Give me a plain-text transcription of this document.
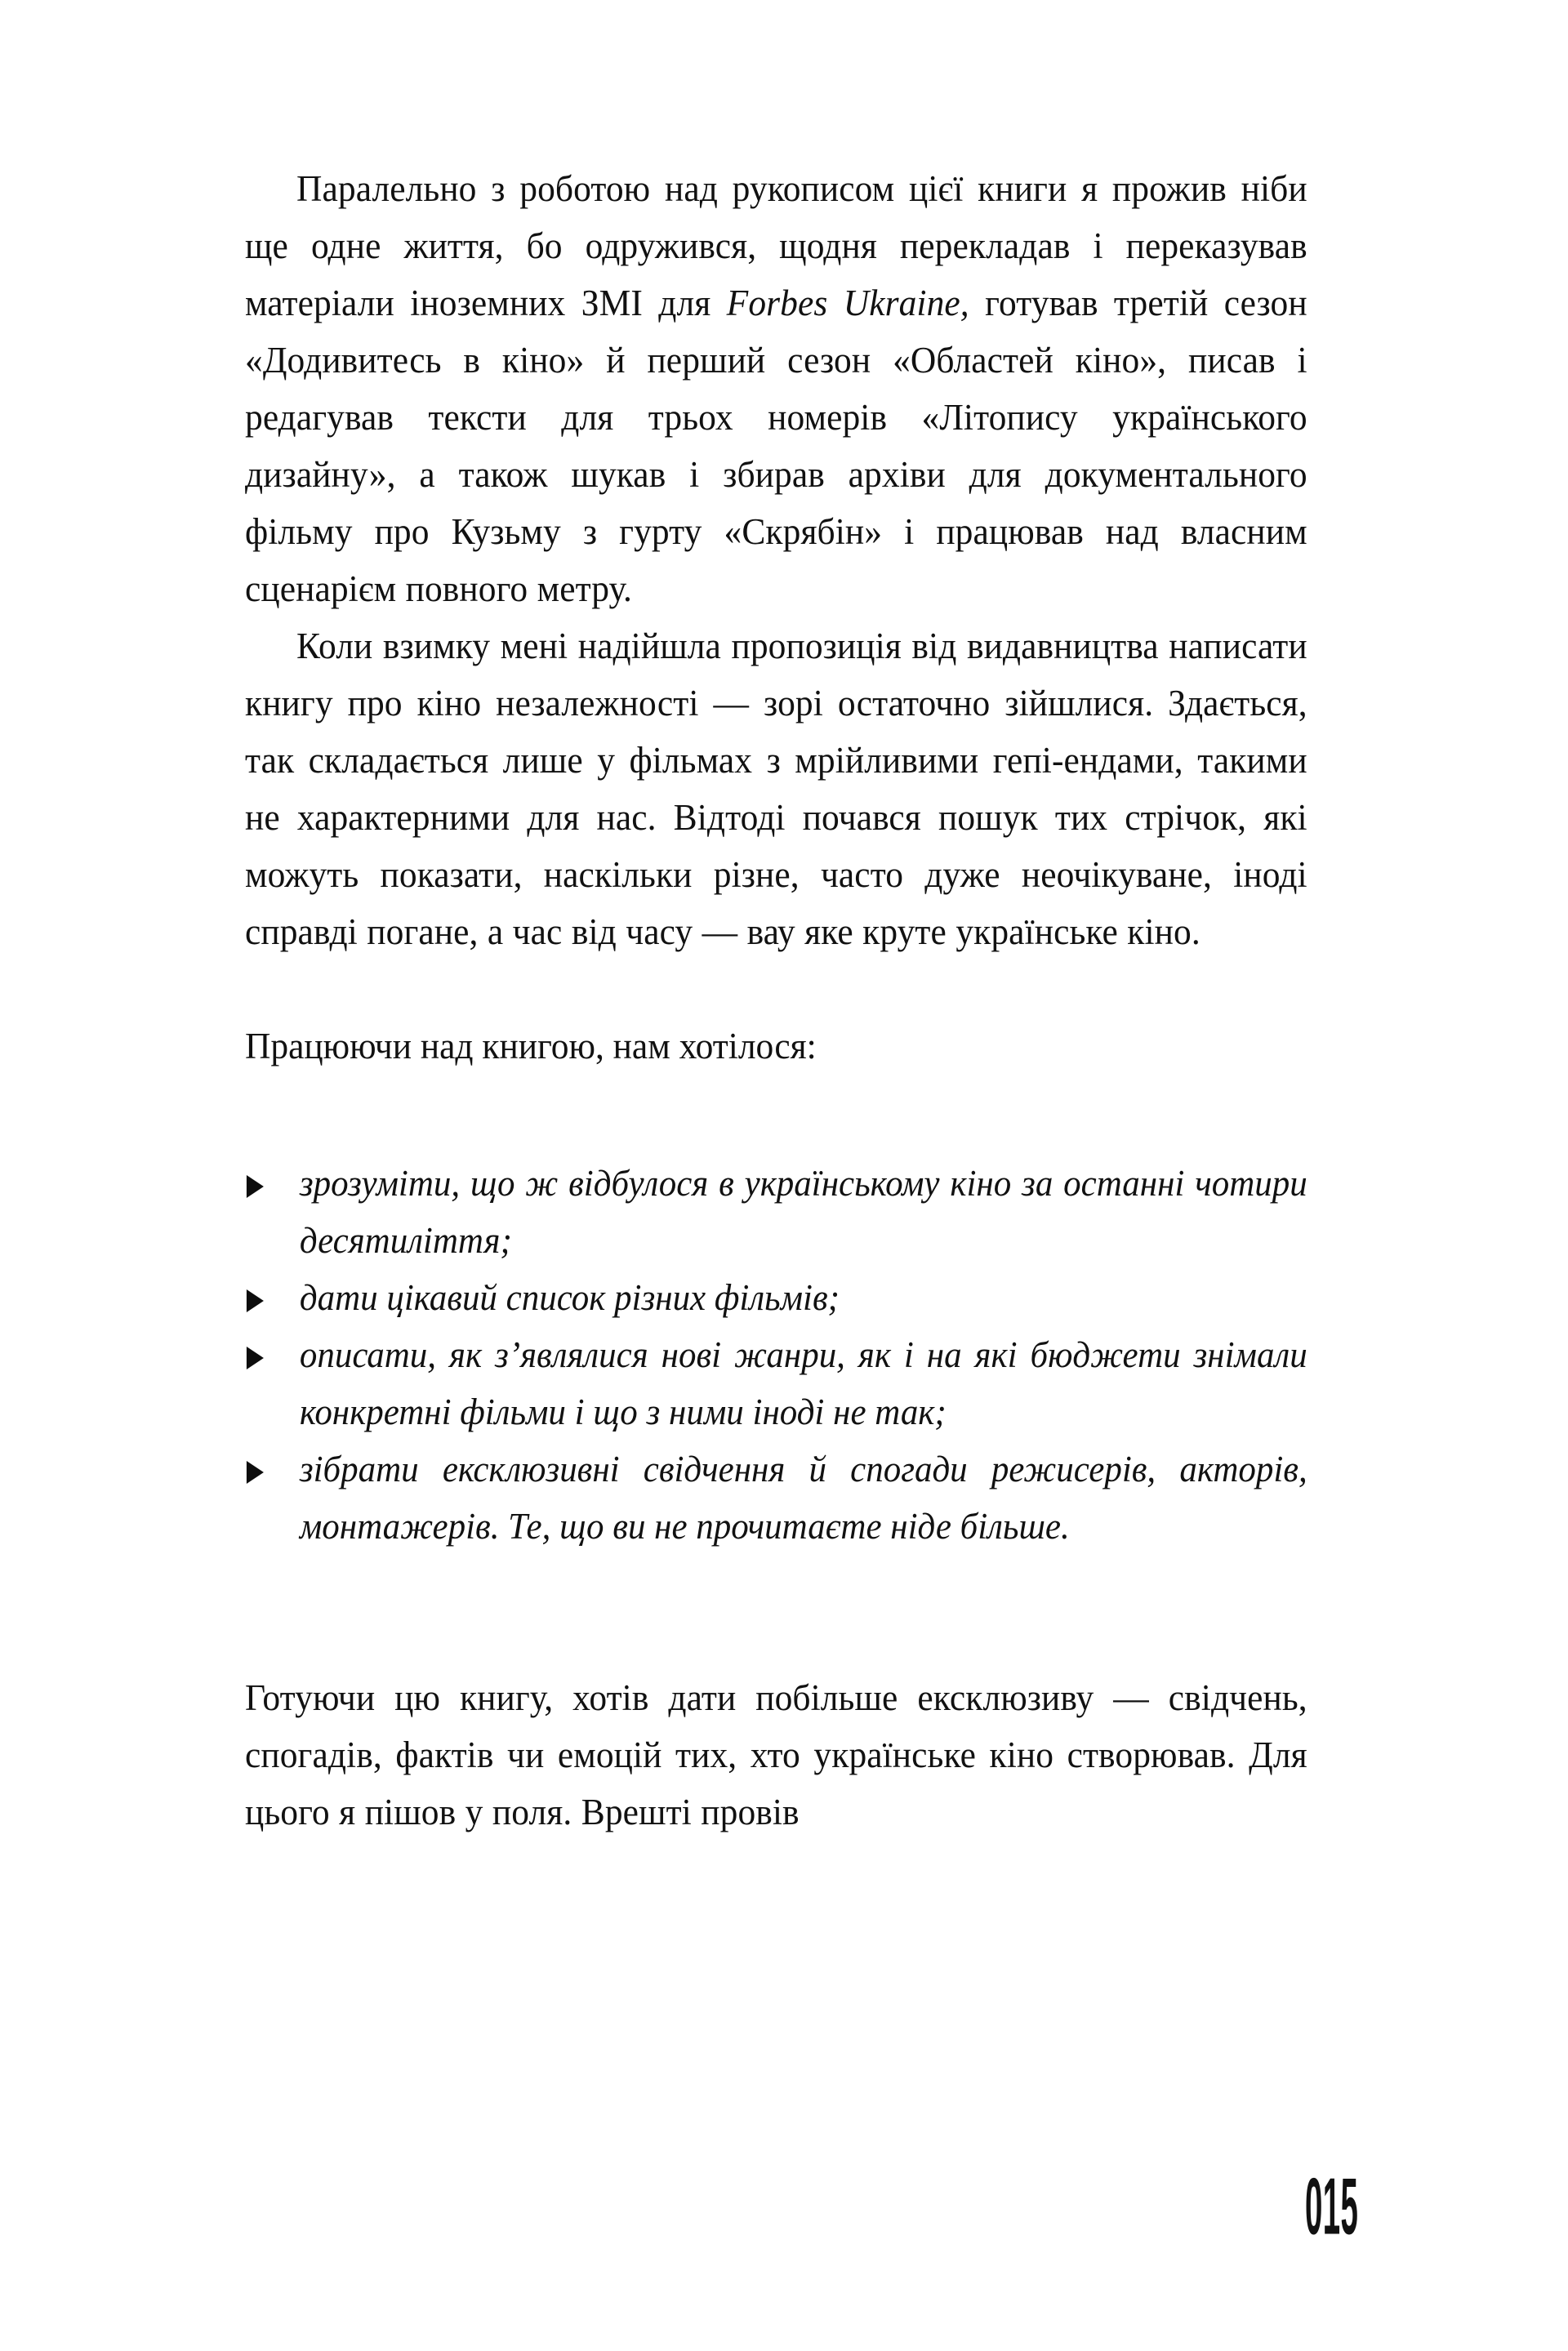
Паралельно з роботою над рукописом цієї книги я прожив ніби ще одне життя, бо одружився, щодня перекладав і переказував матеріали іноземних ЗМІ для Forbes Ukraine, готував третій сезон «Додивитесь в кіно» й перший сезон «Областей кіно», писав і редагував тексти для трьох номерів «Літопису українського дизайну», а також шукав і збирав архіви для документального фільму про Кузьму з гурту «Скрябін» і працював над власним сценарієм повного метру.

Коли взимку мені надійшла пропозиція від видавництва написати книгу про кіно незалежності — зорі остаточно зійшлися. Здається, так складається лише у фільмах з мрійливими гепі-ендами, такими не характерними для нас. Відтоді почався пошук тих стрічок, які можуть показати, наскільки різне, часто дуже неочікуване, іноді справді погане, а час від часу — вау яке круте українське кіно.

Працюючи над книгою, нам хотілося:

зрозуміти, що ж відбулося в українському кіно за останні чотири десятиліття;
дати цікавий список різних фільмів;
описати, як з’являлися нові жанри, як і на які бюджети знімали конкретні фільми і що з ними іноді не так;
зібрати ексклюзивні свідчення й спогади режисерів, акторів, монтажерів. Те, що ви не прочитаєте ніде більше.

Готуючи цю книгу, хотів дати побільше ексклюзиву — свідчень, спогадів, фактів чи емоцій тих, хто українське кіно створював. Для цього я пішов у поля. Врешті провів

015
